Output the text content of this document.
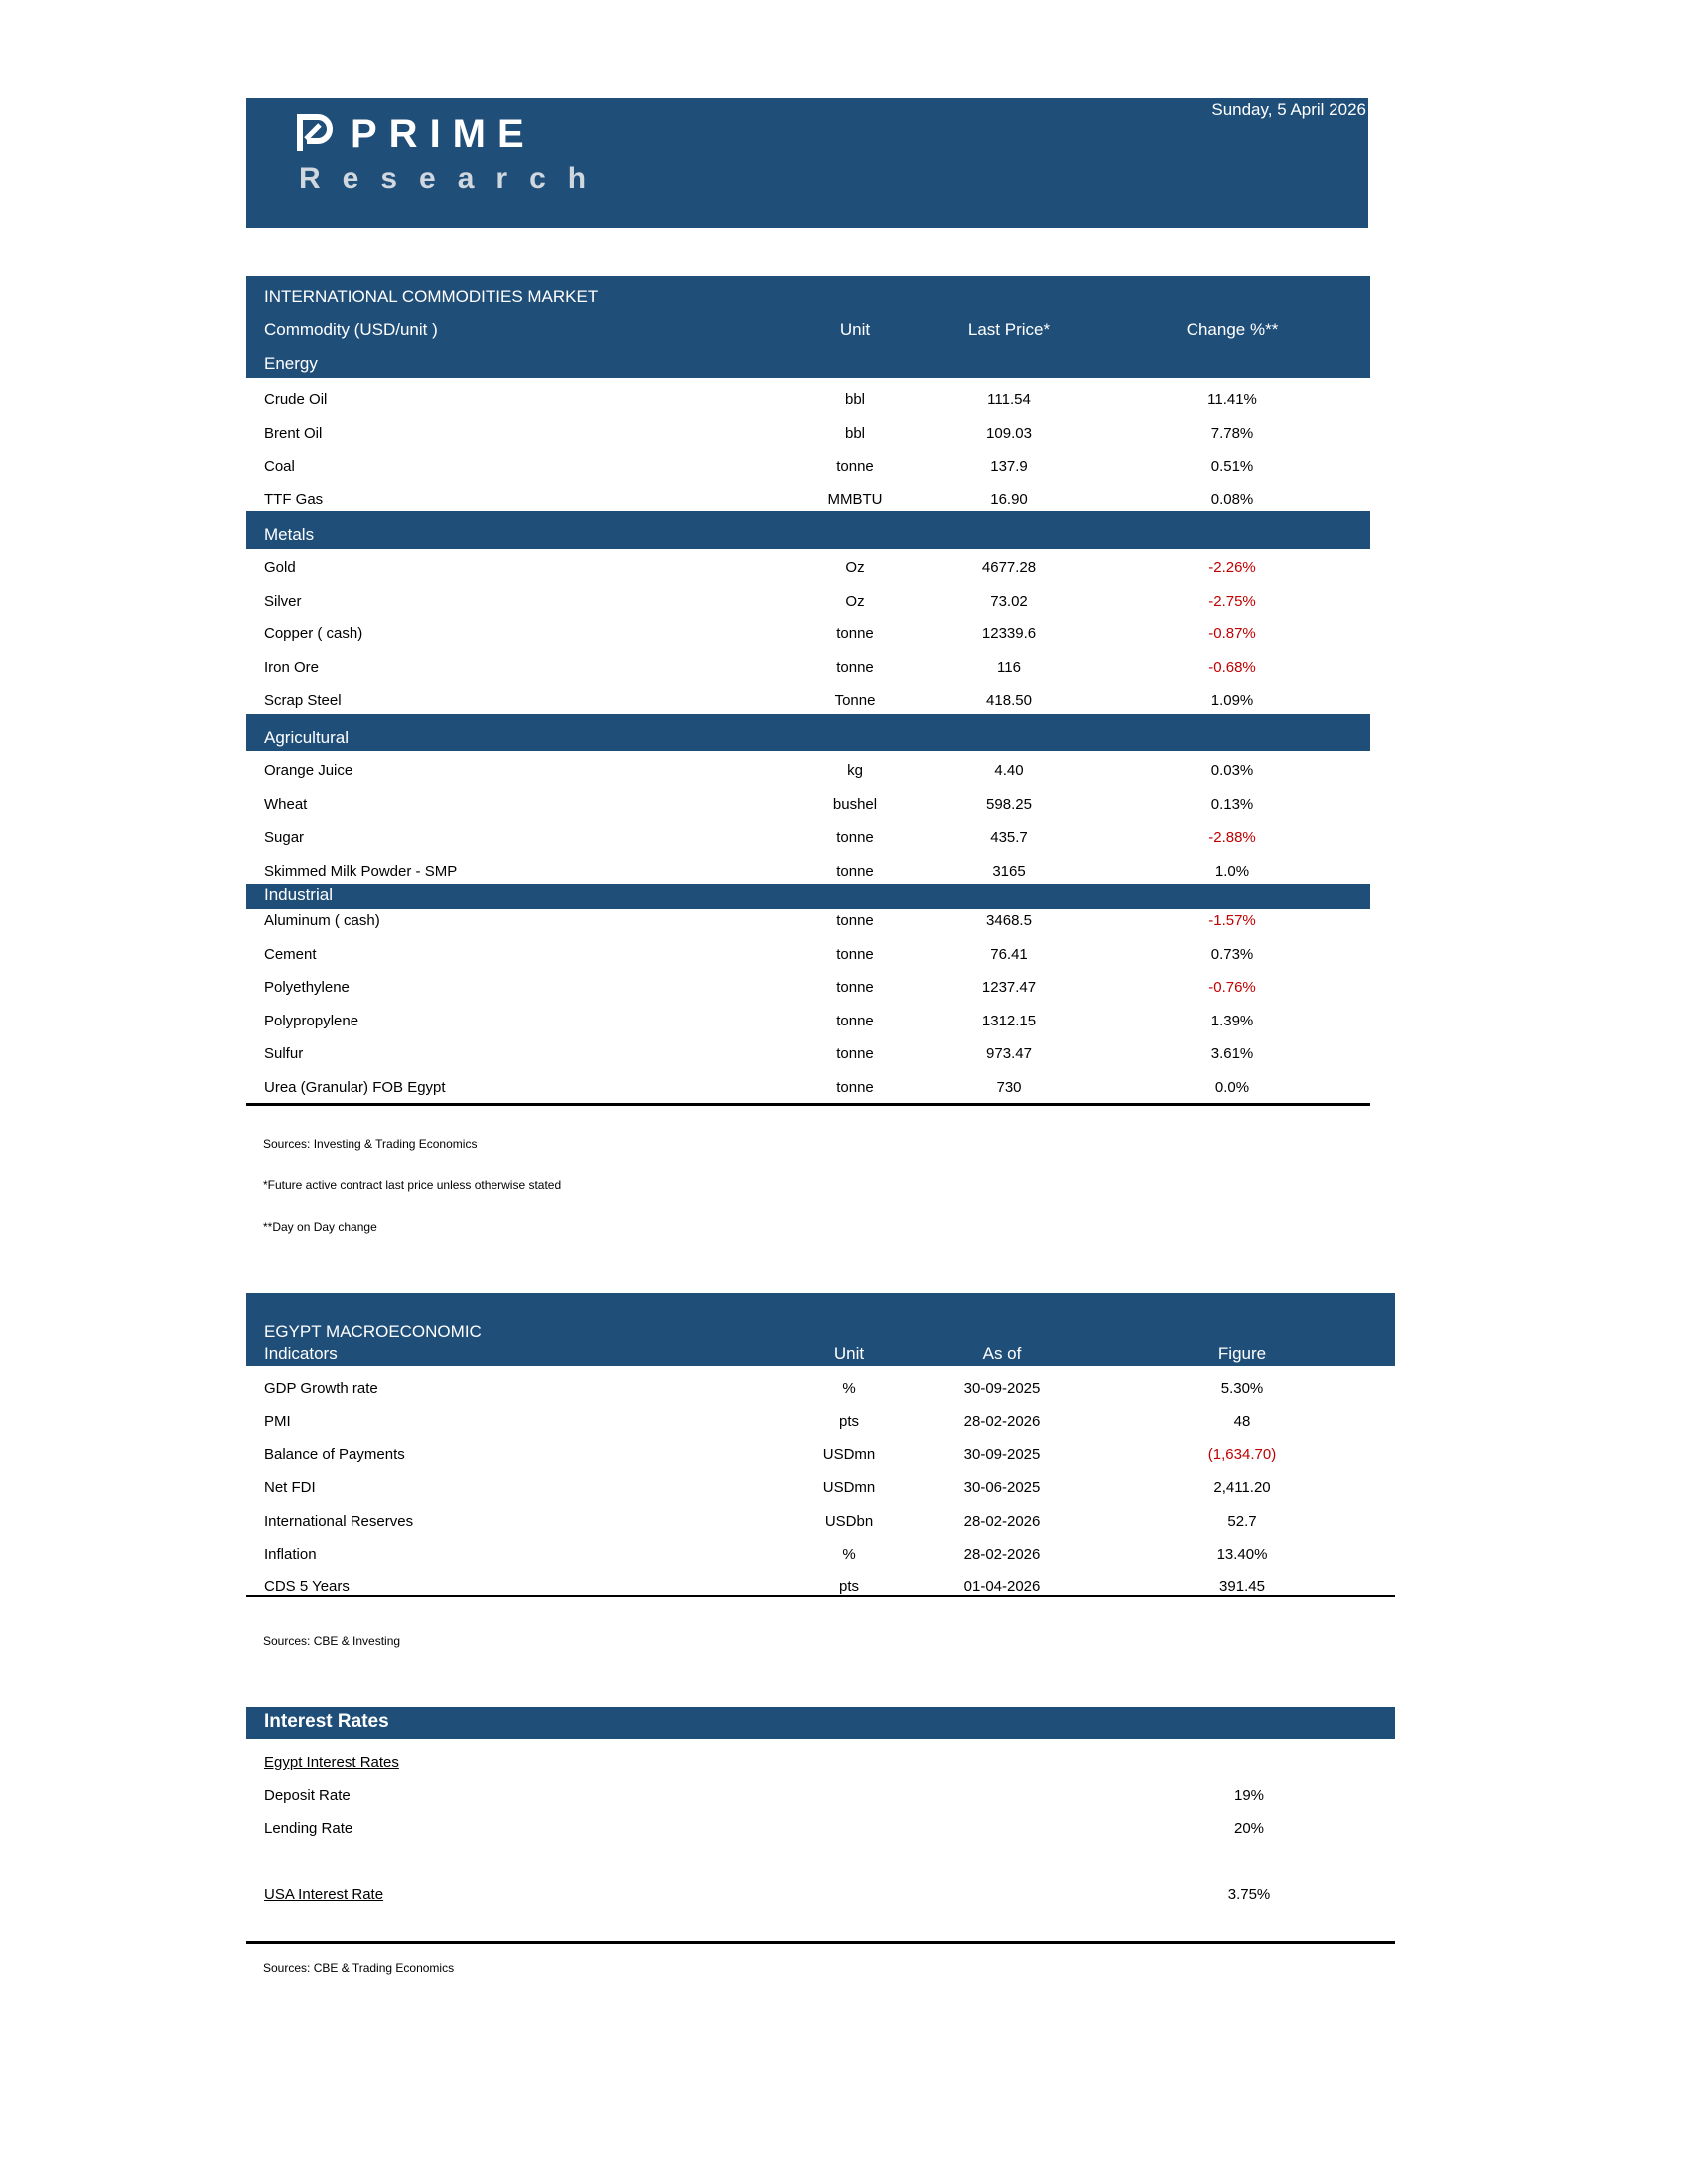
Sunday, 5 April 2026
PRIME
Research
INTERNATIONAL COMMODITIES MARKET
Commodity (USD/unit )	Unit	Last Price*	Change %**
Energy
Crude Oil	bbl	111.54	11.41%
Brent Oil	bbl	109.03	7.78%
Coal	tonne	137.9	0.51%
TTF Gas	MMBTU	16.90	0.08%
Metals
Gold	Oz	4677.28	-2.26%
Silver	Oz	73.02	-2.75%
Copper ( cash)	tonne	12339.6	-0.87%
Iron Ore	tonne	116	-0.68%
Scrap Steel	Tonne	418.50	1.09%
Agricultural
Orange Juice	kg	4.40	0.03%
Wheat	bushel	598.25	0.13%
Sugar	tonne	435.7	-2.88%
Skimmed Milk Powder - SMP	tonne	3165	1.0%
Industrial
Aluminum ( cash)	tonne	3468.5	-1.57%
Cement	tonne	76.41	0.73%
Polyethylene	tonne	1237.47	-0.76%
Polypropylene	tonne	1312.15	1.39%
Sulfur	tonne	973.47	3.61%
Urea (Granular) FOB Egypt	tonne	730	0.0%
Sources: Investing & Trading Economics
*Future active contract last price unless otherwise stated
**Day on Day change
EGYPT MACROECONOMIC
Indicators	Unit	As of	Figure
GDP Growth rate	%	30-09-2025	5.30%
PMI	pts	28-02-2026	48
Balance of Payments	USDmn	30-09-2025	(1,634.70)
Net FDI	USDmn	30-06-2025	2,411.20
International Reserves	USDbn	28-02-2026	52.7
Inflation	%	28-02-2026	13.40%
CDS 5 Years	pts	01-04-2026	391.45
Sources: CBE & Investing
Interest Rates
Egypt Interest Rates
Deposit Rate	19%
Lending Rate	20%
USA Interest Rate	3.75%
Sources: CBE & Trading Economics
